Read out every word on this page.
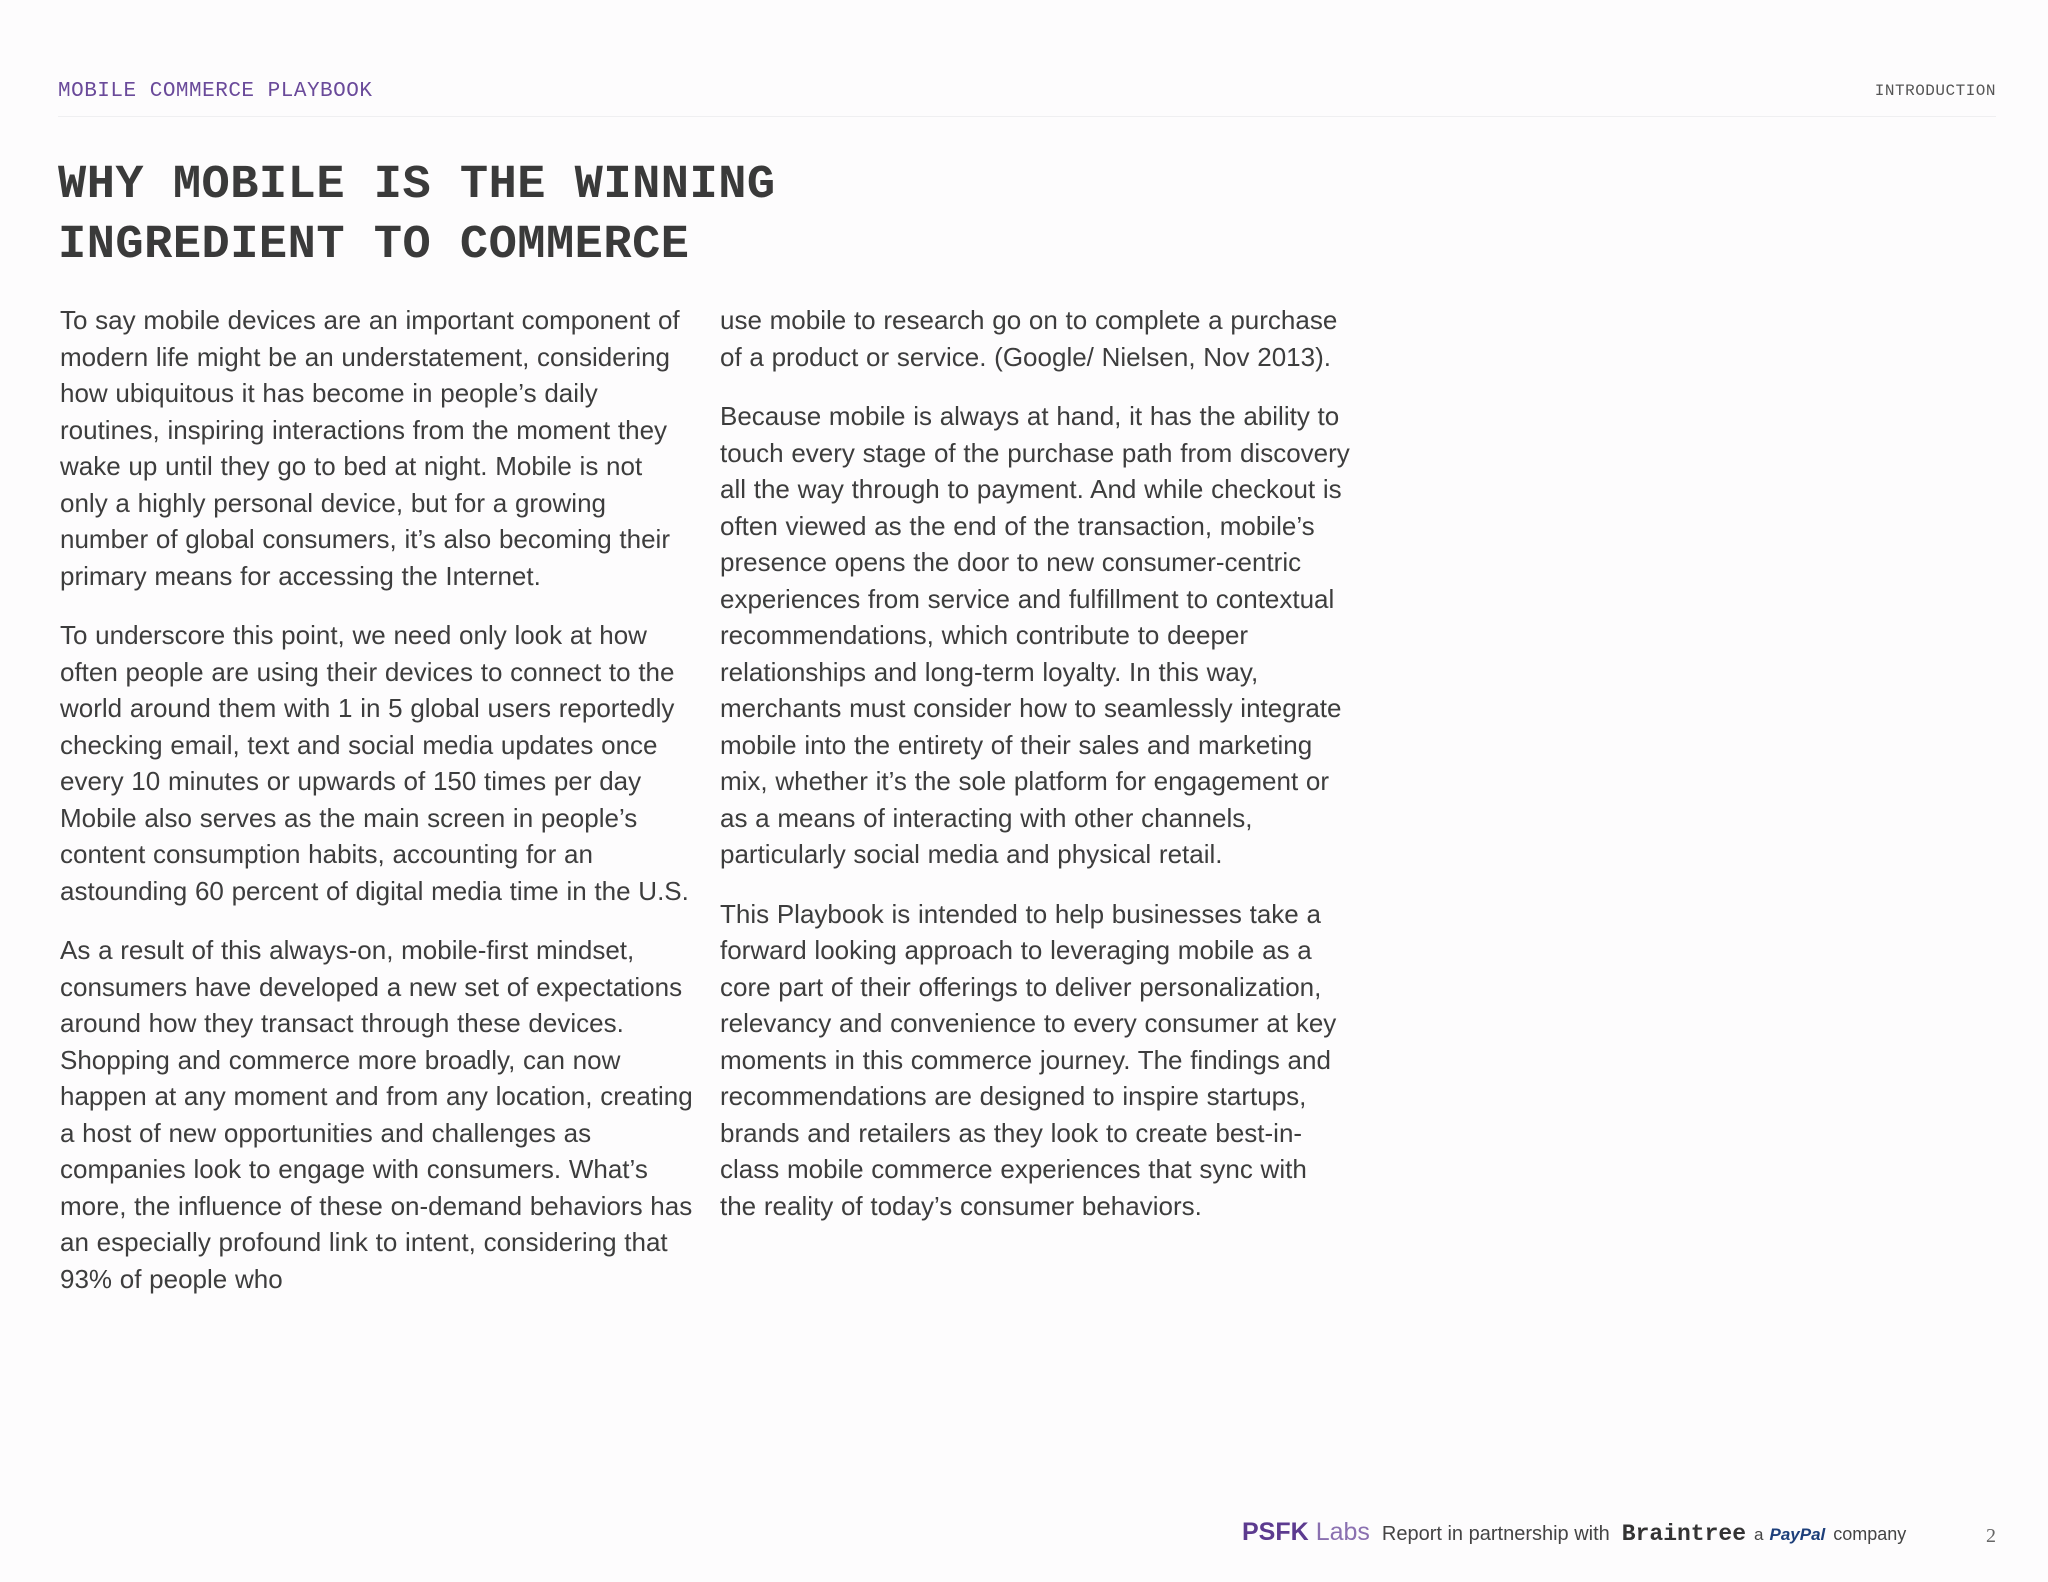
MOBILE COMMERCE PLAYBOOK	INTRODUCTION
WHY MOBILE IS THE WINNING
INGREDIENT TO COMMERCE

To say mobile devices are an important component of modern life might be an understatement, considering how ubiquitous it has become in people’s daily routines, inspiring interactions from the moment they wake up until they go to bed at night. Mobile is not only a highly personal device, but for a growing number of global consumers, it’s also becoming their primary means for accessing the Internet.

To underscore this point, we need only look at how often people are using their devices to connect to the world around them with 1 in 5 global users reportedly checking email, text and social media updates once every 10 minutes or upwards of 150 times per day Mobile also serves as the main screen in people’s content consumption habits, accounting for an astounding 60 percent of digital media time in the U.S.

As a result of this always-on, mobile-first mindset, consumers have developed a new set of expectations around how they transact through these devices. Shopping and commerce more broadly, can now happen at any moment and from any location, creating a host of new opportunities and challenges as companies look to engage with consumers. What’s more, the influence of these on-demand behaviors has an especially profound link to intent, considering that 93% of people who

use mobile to research go on to complete a purchase of a product or service. (Google/ Nielsen, Nov 2013).

Because mobile is always at hand, it has the ability to touch every stage of the purchase path from discovery all the way through to payment. And while checkout is often viewed as the end of the transaction, mobile’s presence opens the door to new consumer-centric experiences from service and fulfillment to contextual recommendations, which contribute to deeper relationships and long-term loyalty. In this way, merchants must consider how to seamlessly integrate mobile into the entirety of their sales and marketing mix, whether it’s the sole platform for engagement or as a means of interacting with other channels, particularly social media and physical retail.

This Playbook is intended to help businesses take a forward looking approach to leveraging mobile as a core part of their offerings to deliver personalization, relevancy and convenience to every consumer at key moments in this commerce journey. The findings and recommendations are designed to inspire startups, brands and retailers as they look to create best-in-class mobile commerce experiences that sync with the reality of today’s consumer behaviors.

PSFK Labs Report in partnership with Braintree a PayPal company	2
